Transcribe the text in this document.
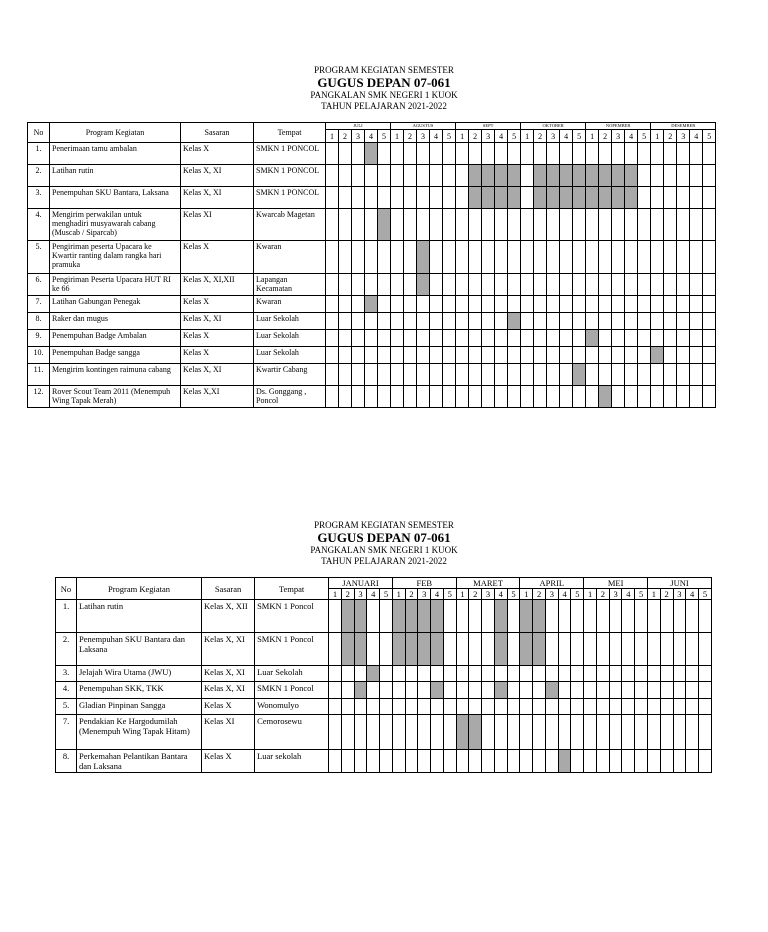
PROGRAM KEGIATAN SEMESTER
GUGUS DEPAN 07-061
PANGKALAN SMK NEGERI 1 KUOK
TAHUN PELAJARAN 2021-2022
No	Program Kegiatan	Sasaran	Tempat	JULI					AGUSTUS					SEPT					OKTOBER					NOPEMBER					DESEMBER				
				1	2	3	4	5	1	2	3	4	5	1	2	3	4	5	1	2	3	4	5	1	2	3	4	5	1	2	3	4	5
1.	Penerimaan tamu ambalan	Kelas X	SMKN 1 PONCOL																														
2.	Latihan rutin	Kelas X, XI	SMKN 1 PONCOL																														
3.	Penempuhan SKU Bantara, Laksana	Kelas X, XI	SMKN 1 PONCOL																														
4.	Mengirim perwakilan untuk menghadiri musyawarah cabang (Muscab / Siparcab)	Kelas XI	Kwarcab Magetan																														
5.	Pengiriman peserta Upacara ke Kwartir ranting dalam rangka hari pramuka	Kelas X	Kwaran																														
6.	Pengiriman Peserta Upacara HUT RI ke 66	Kelas X, XI,XII	Lapangan Kecamatan																														
7.	Latihan Gabungan Penegak	Kelas X	Kwaran																														
8.	Raker dan mugus	Kelas X, XI	Luar Sekolah																														
9.	Penempuhan Badge Ambalan	Kelas X	Luar Sekolah																														
10.	Penempuhan Badge sangga	Kelas X	Luar Sekolah																														
11.	Mengirim kontingen raimuna cabang	Kelas X, XI	Kwartir Cabang																														
12.	Rover Scout Team 2011 (Menempuh Wing Tapak Merah)	Kelas X,XI	Ds. Gonggang , Poncol																														
PROGRAM KEGIATAN SEMESTER
GUGUS DEPAN 07-061
PANGKALAN SMK NEGERI 1 KUOK
TAHUN PELAJARAN 2021-2022
No	Program Kegiatan	Sasaran	Tempat	JANUARI					FEB					MARET					APRIL					MEI					JUNI				
				1	2	3	4	5	1	2	3	4	5	1	2	3	4	5	1	2	3	4	5	1	2	3	4	5	1	2	3	4	5
1.	Latihan rutin	Kelas X, XII	SMKN 1 Poncol																														
2.	Penempuhan SKU Bantara dan Laksana	Kelas X, XI	SMKN 1 Poncol																														
3.	Jelajah Wira Utama (JWU)	Kelas X, XI	Luar Sekolah																														
4.	Penempuhan SKK, TKK	Kelas X, XI	SMKN 1 Poncol																														
5.	Gladian Pinpinan Sangga	Kelas X	Wonomulyo																														
7.	Pendakian Ke Hargodumilah (Menempuh Wing Tapak Hitam)	Kelas XI	Cemorosewu																														
8.	Perkemahan Pelantikan Bantara dan Laksana	Kelas X	Luar sekolah																														
